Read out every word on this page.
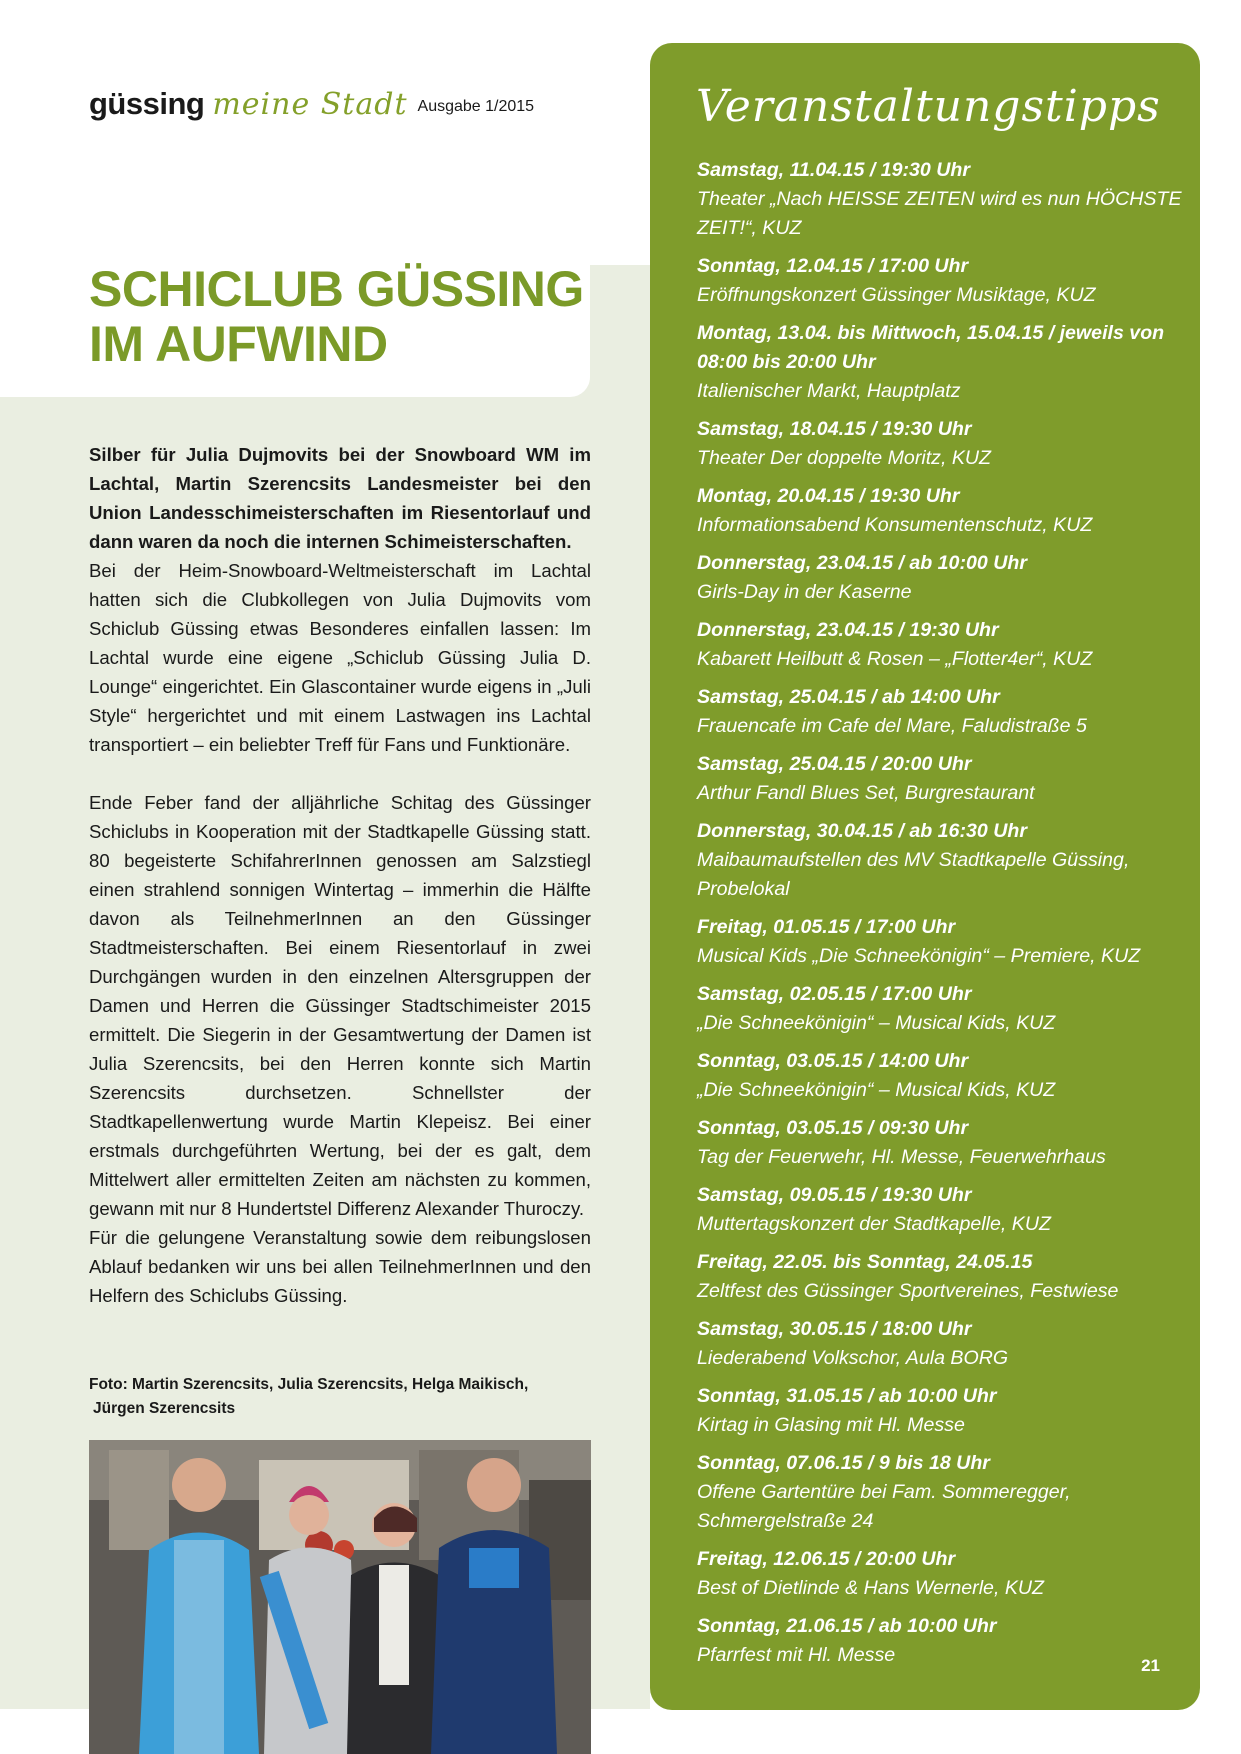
güssing meine Stadt Ausgabe 1/2015
SCHICLUB GÜSSING
IM AUFWIND

Silber für Julia Dujmovits bei der Snowboard WM im Lachtal, Martin Szerencsits Landesmeister bei den Union Landesschimeisterschaften im Riesentorlauf und dann waren da noch die internen Schimeisterschaften.

Bei der Heim-Snowboard-Weltmeisterschaft im Lachtal hatten sich die Clubkollegen von Julia Dujmovits vom Schiclub Güssing etwas Besonderes einfallen lassen: Im Lachtal wurde eine eigene „Schiclub Güssing Julia D. Lounge“ eingerichtet. Ein Glascontainer wurde eigens in „Juli Style“ hergerichtet und mit einem Lastwagen ins Lachtal transportiert – ein beliebter Treff für Fans und Funktionäre.

Ende Feber fand der alljährliche Schitag des Güssinger Schiclubs in Kooperation mit der Stadtkapelle Güssing statt. 80 begeisterte SchifahrerInnen genossen am Salzstiegl einen strahlend sonnigen Wintertag – immerhin die Hälfte davon als TeilnehmerInnen an den Güssinger Stadtmeisterschaften. Bei einem Riesentorlauf in zwei Durchgängen wurden in den einzelnen Altersgruppen der Damen und Herren die Güssinger Stadtschimeister 2015 ermittelt. Die Siegerin in der Gesamtwertung der Damen ist Julia Szerencsits, bei den Herren konnte sich Martin Szerencsits durchsetzen. Schnellster der Stadtkapellenwertung wurde Martin Klepeisz. Bei einer erstmals durchgeführten Wertung, bei der es galt, dem Mittelwert aller ermittelten Zeiten am nächsten zu kommen, gewann mit nur 8 Hundertstel Differenz Alexander Thuroczy.

Für die gelungene Veranstaltung sowie dem reibungslosen Ablauf bedanken wir uns bei allen TeilnehmerInnen und den Helfern des Schiclubs Güssing.

Foto: Martin Szerencsits, Julia Szerencsits, Helga Maikisch,
Jürgen Szerencsits
Veranstaltungstipps
Samstag, 11.04.15 / 19:30 Uhr
Theater „Nach HEISSE ZEITEN wird es nun HÖCHSTE ZEIT!“, KUZ
Sonntag, 12.04.15 / 17:00 Uhr
Eröffnungskonzert Güssinger Musiktage, KUZ
Montag, 13.04. bis Mittwoch, 15.04.15 / jeweils von 08:00 bis 20:00 Uhr
Italienischer Markt, Hauptplatz
Samstag, 18.04.15 / 19:30 Uhr
Theater Der doppelte Moritz, KUZ
Montag, 20.04.15 / 19:30 Uhr
Informationsabend Konsumentenschutz, KUZ
Donnerstag, 23.04.15 / ab 10:00 Uhr
Girls-Day in der Kaserne
Donnerstag, 23.04.15 / 19:30 Uhr
Kabarett Heilbutt & Rosen – „Flotter4er“, KUZ
Samstag, 25.04.15 / ab 14:00 Uhr
Frauencafe im Cafe del Mare, Faludistraße 5
Samstag, 25.04.15 / 20:00 Uhr
Arthur Fandl Blues Set, Burgrestaurant
Donnerstag, 30.04.15 / ab 16:30 Uhr
Maibaumaufstellen des MV Stadtkapelle Güssing, Probelokal
Freitag, 01.05.15 / 17:00 Uhr
Musical Kids „Die Schneekönigin“ – Premiere, KUZ
Samstag, 02.05.15 / 17:00 Uhr
„Die Schneekönigin“ – Musical Kids, KUZ
Sonntag, 03.05.15 / 14:00 Uhr
„Die Schneekönigin“ – Musical Kids, KUZ
Sonntag, 03.05.15 / 09:30 Uhr
Tag der Feuerwehr, Hl. Messe, Feuerwehrhaus
Samstag, 09.05.15 / 19:30 Uhr
Muttertagskonzert der Stadtkapelle, KUZ
Freitag, 22.05. bis Sonntag, 24.05.15
Zeltfest des Güssinger Sportvereines, Festwiese
Samstag, 30.05.15 / 18:00 Uhr
Liederabend Volkschor, Aula BORG
Sonntag, 31.05.15 / ab 10:00 Uhr
Kirtag in Glasing mit Hl. Messe
Sonntag, 07.06.15 / 9 bis 18 Uhr
Offene Gartentüre bei Fam. Sommeregger, Schmergelstraße 24
Freitag, 12.06.15 / 20:00 Uhr
Best of Dietlinde & Hans Wernerle, KUZ
Sonntag, 21.06.15 / ab 10:00 Uhr
Pfarrfest mit Hl. Messe	21
